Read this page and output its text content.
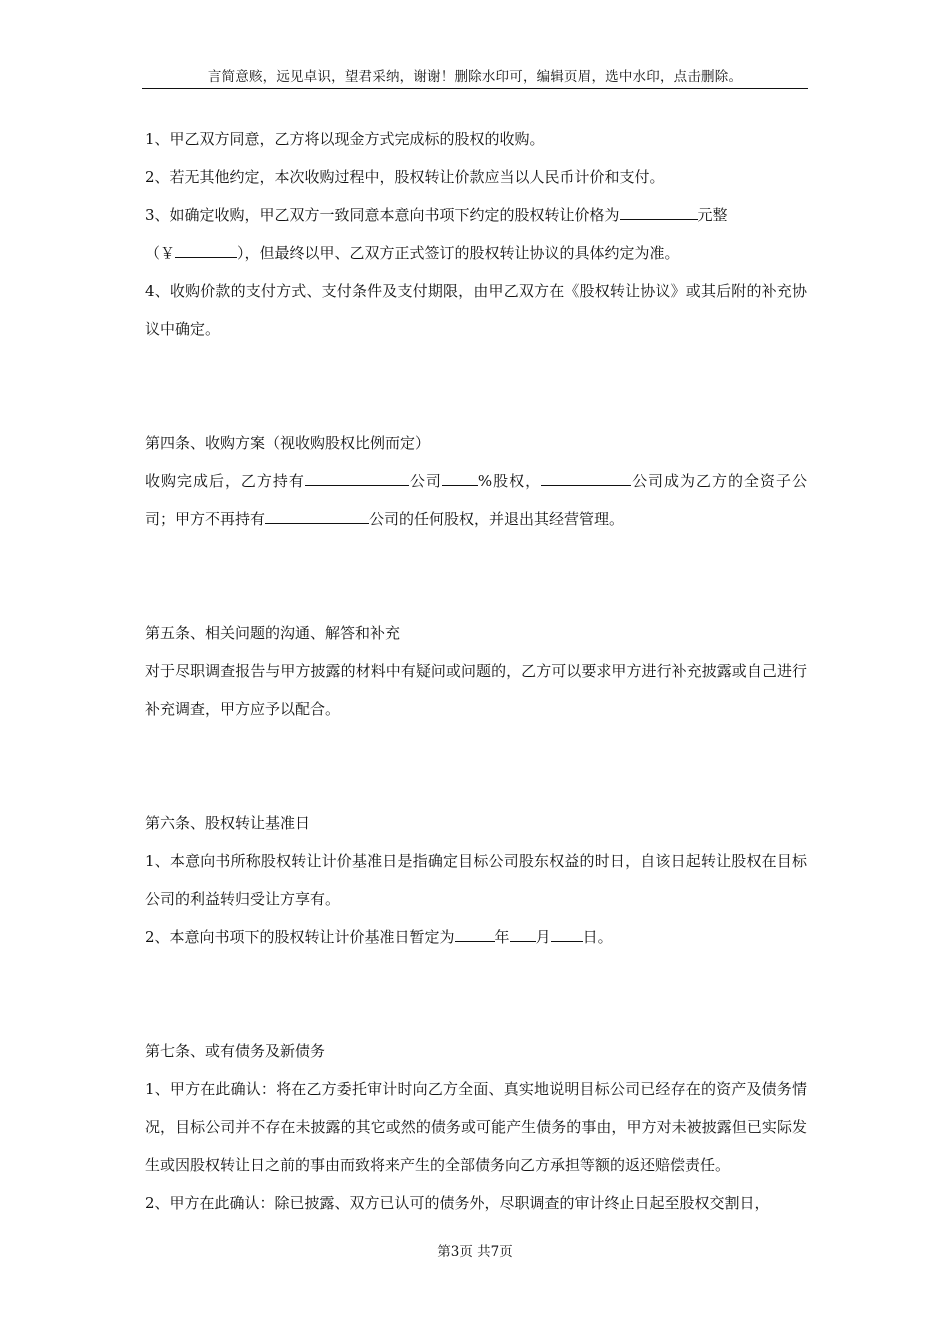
言简意赅，远见卓识，望君采纳，谢谢！删除水印可，编辑页眉，选中水印，点击删除。

1、甲乙双方同意，乙方将以现金方式完成标的股权的收购。

2、若无其他约定，本次收购过程中，股权转让价款应当以人民币计价和支付。

3、如确定收购，甲乙双方一致同意本意向书项下约定的股权转让价格为	元整
（￥	），但最终以甲、乙双方正式签订的股权转让协议的具体约定为准。

4、收购价款的支付方式、支付条件及支付期限，由甲乙双方在《股权转让协议》或其后附的补充协议中确定。

第四条、收购方案（视收购股权比例而定）

收购完成后，乙方持有	公司 %股权，	公司成为乙方的全资子公司；甲方不再持有	公司的任何股权，并退出其经营管理。

第五条、相关问题的沟通、解答和补充

对于尽职调查报告与甲方披露的材料中有疑问或问题的，乙方可以要求甲方进行补充披露或自己进行补充调查，甲方应予以配合。

第六条、股权转让基准日

1、本意向书所称股权转让计价基准日是指确定目标公司股东权益的时日，自该日起转让股权在目标公司的利益转归受让方享有。

2、本意向书项下的股权转让计价基准日暂定为	年 月 日。

第七条、或有债务及新债务

1、甲方在此确认：将在乙方委托审计时向乙方全面、真实地说明目标公司已经存在的资产及债务情况，目标公司并不存在未披露的其它或然的债务或可能产生债务的事由，甲方对未被披露但已实际发生或因股权转让日之前的事由而致将来产生的全部债务向乙方承担等额的返还赔偿责任。

2、甲方在此确认：除已披露、双方已认可的债务外，尽职调查的审计终止日起至股权交割日，

第3页 共7页
